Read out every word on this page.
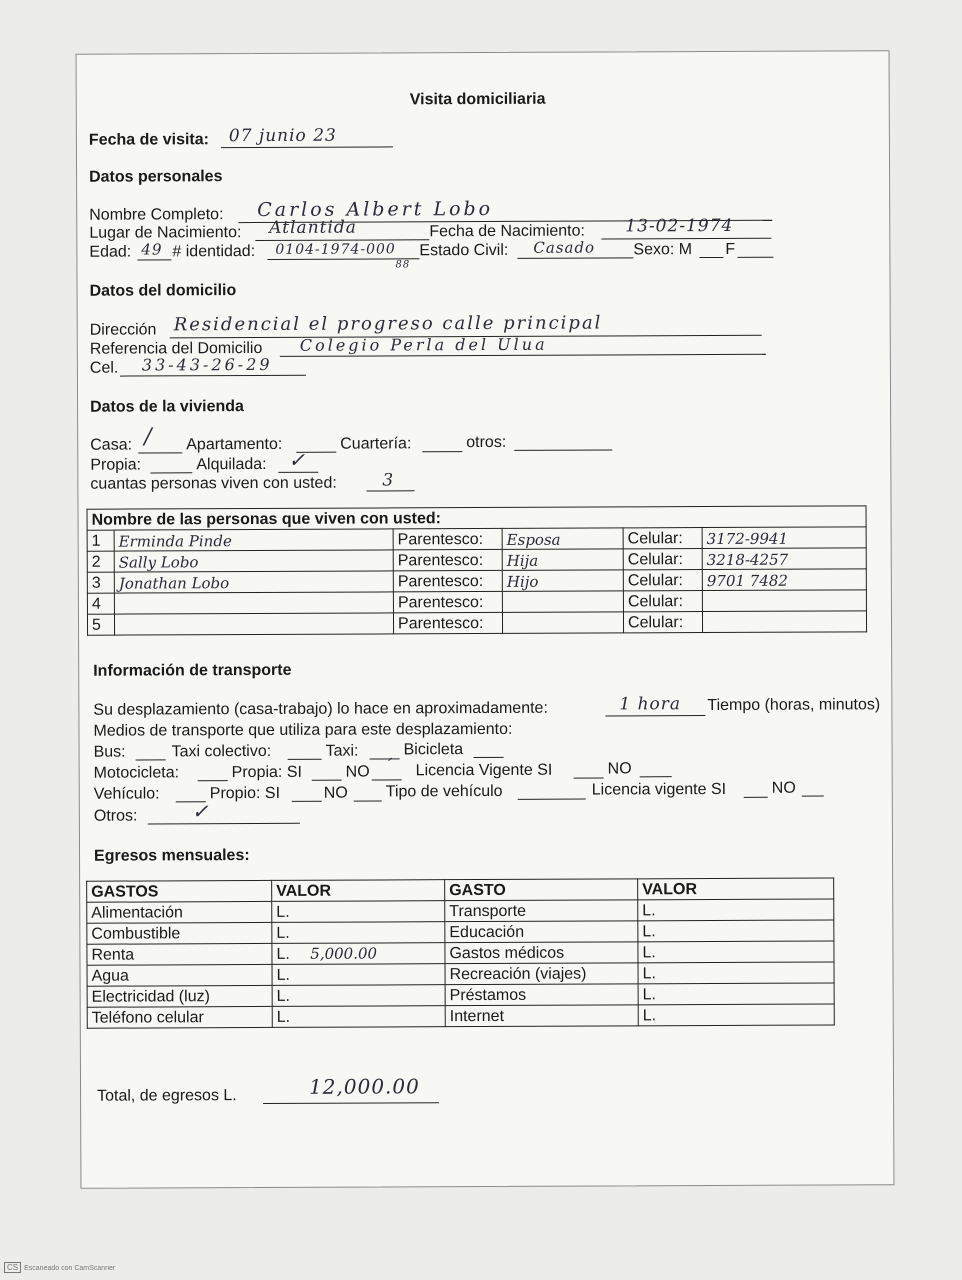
Visita domiciliaria
Fecha de visita: 07 junio 23
Datos personales
Nombre Completo: Carlos Albert Lobo
Lugar de Nacimiento: Atlantida	Fecha de Nacimiento: 13-02-1974
Edad: 49 # identidad: 0104-1974-000
88
Estado Civil: Casado Sexo: M F
Datos del domicilio
Dirección Residencial el progreso calle principal
Referencia del Domicilio Colegio Perla del Ulua
Cel. 33-43-26-29
Datos de la vivienda
Casa: / Apartamento:	Cuartería:	otros:
Propia:	Alquilada: ✓
cuantas personas viven con usted:	3
Nombre de las personas que viven con usted:					
1	Erminda Pinde	Parentesco:	Esposa	Celular:	3172-9941
2	Sally Lobo	Parentesco:	Hija	Celular:	3218-4257
3	Jonathan Lobo	Parentesco:	Hijo	Celular:	9701 7482
4		Parentesco:		Celular:	
5		Parentesco:		Celular:	
Información de transporte
Su desplazamiento (casa-trabajo) lo hace en aproximadamente:	1 hora Tiempo (horas, minutos)
Medios de transporte que utiliza para este desplazamiento:
Bus:	Taxi colectivo:	Taxi:	Bicicleta
Motocicleta:	Propia: SI	NO ´ Licencia Vigente SI	NO
Vehículo:	Propio: SI	NO Tipo de vehículo	Licencia vigente SI	NO
Otros:	✓
Egresos mensuales:
GASTOS	VALOR	GASTO	VALOR
Alimentación	L.	Transporte	L.
Combustible	L.	Educación	L.
Renta	L. 5,000.00	Gastos médicos	L.
Agua	L.	Recreación (viajes)	L.
Electricidad (luz)	L.	Préstamos	L.
Teléfono celular	L.	Internet	L.
Total, de egresos L.	12,000.00
CS Escaneado con CamScanner
